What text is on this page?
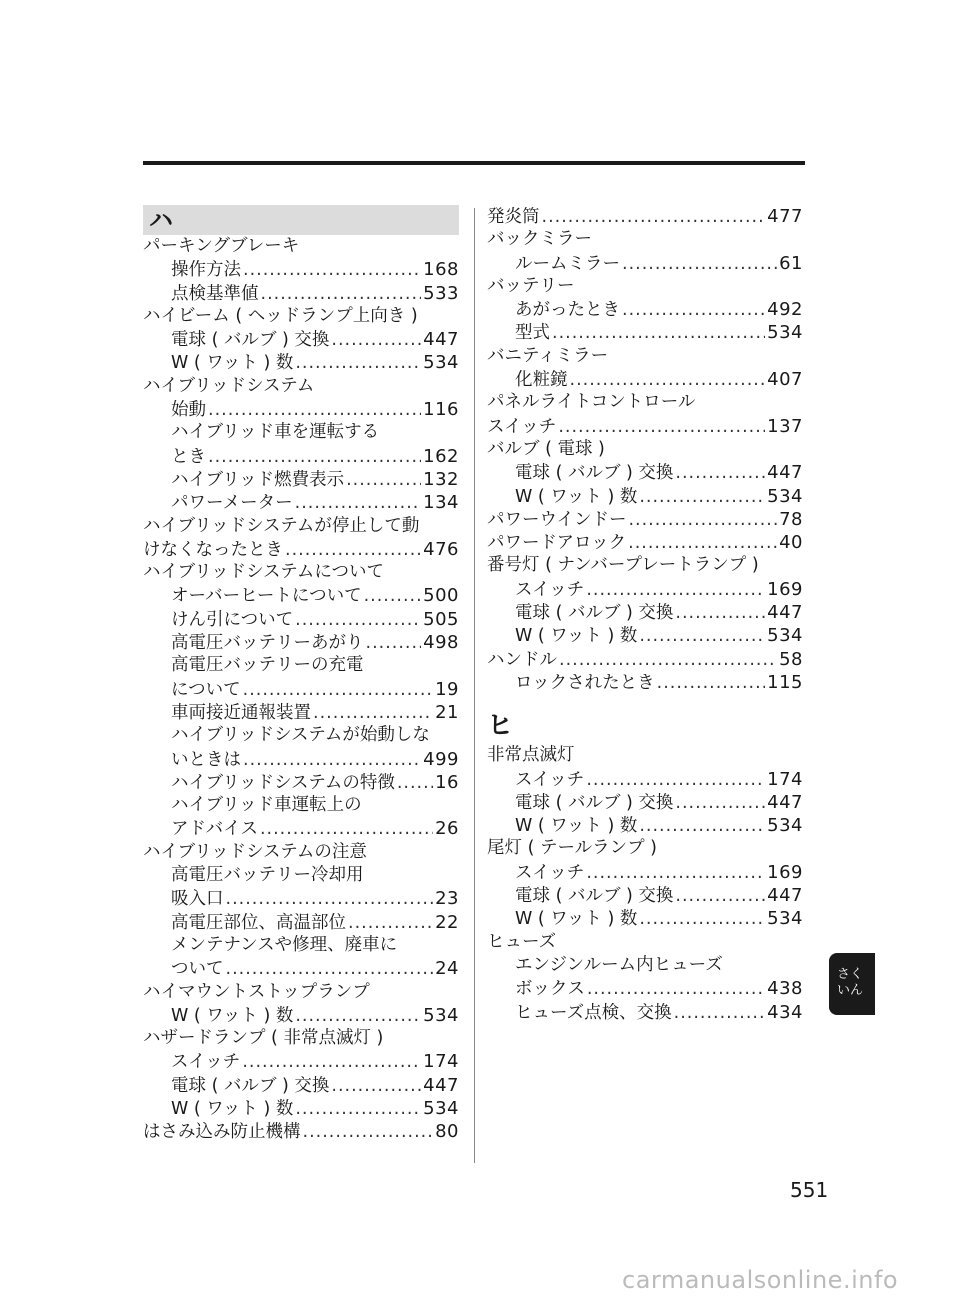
ハ
パーキングブレーキ
操作方法 .....	168
点検基準値 .....	533
ハイビーム ( ヘッドランプ上向き )
電球 ( バルブ ) 交換 .....	447
W ( ワット ) 数 .....	534
ハイブリッドシステム
始動 .....	116
ハイブリッド車を運転する
とき .....	162
ハイブリッド燃費表示 .....	132
パワーメーター .....	134
ハイブリッドシステムが停止して動
けなくなったとき .....	476
ハイブリッドシステムについて
オーバーヒートについて .....	500
けん引について .....	505
高電圧バッテリーあがり .....	498
高電圧バッテリーの充電
について .....	19
車両接近通報装置 .....	21
ハイブリッドシステムが始動しな
いときは .....	499
ハイブリッドシステムの特徴 ..... 16
ハイブリッド車運転上の
アドバイス .....	26
ハイブリッドシステムの注意
高電圧バッテリー冷却用
吸入口 .....	23
高電圧部位、高温部位 .....	22
メンテナンスや修理、廃車に
ついて .....	24
ハイマウントストップランプ
W ( ワット ) 数 .....	534
ハザードランプ ( 非常点滅灯 )
スイッチ .....	174
電球 ( バルブ ) 交換 .....	447
W ( ワット ) 数 .....	534
はさみ込み防止機構 .....	80
発炎筒 .....	477
バックミラー
ルームミラー .....	61
バッテリー
あがったとき .....	492
型式 .....	534
バニティミラー
化粧鏡 .....	407
パネルライトコントロール
スイッチ .....	137
バルブ ( 電球 )
電球 ( バルブ ) 交換 .....	447
W ( ワット ) 数 .....	534
パワーウインドー .....	78
パワードアロック .....	40
番号灯 ( ナンバープレートランプ )
スイッチ .....	169
電球 ( バルブ ) 交換 .....	447
W ( ワット ) 数 .....	534
ハンドル .....	58
ロックされたとき .....	115
ヒ
非常点滅灯
スイッチ .....	174
電球 ( バルブ ) 交換 .....	447
W ( ワット ) 数 .....	534
尾灯 ( テールランプ )
スイッチ .....	169
電球 ( バルブ ) 交換 .....	447
W ( ワット ) 数 .....	534
ヒューズ
エンジンルーム内ヒューズ
ボックス .....	438
ヒューズ点検、交換 .....	434
さく
いん
551
carmanualsonline.info
